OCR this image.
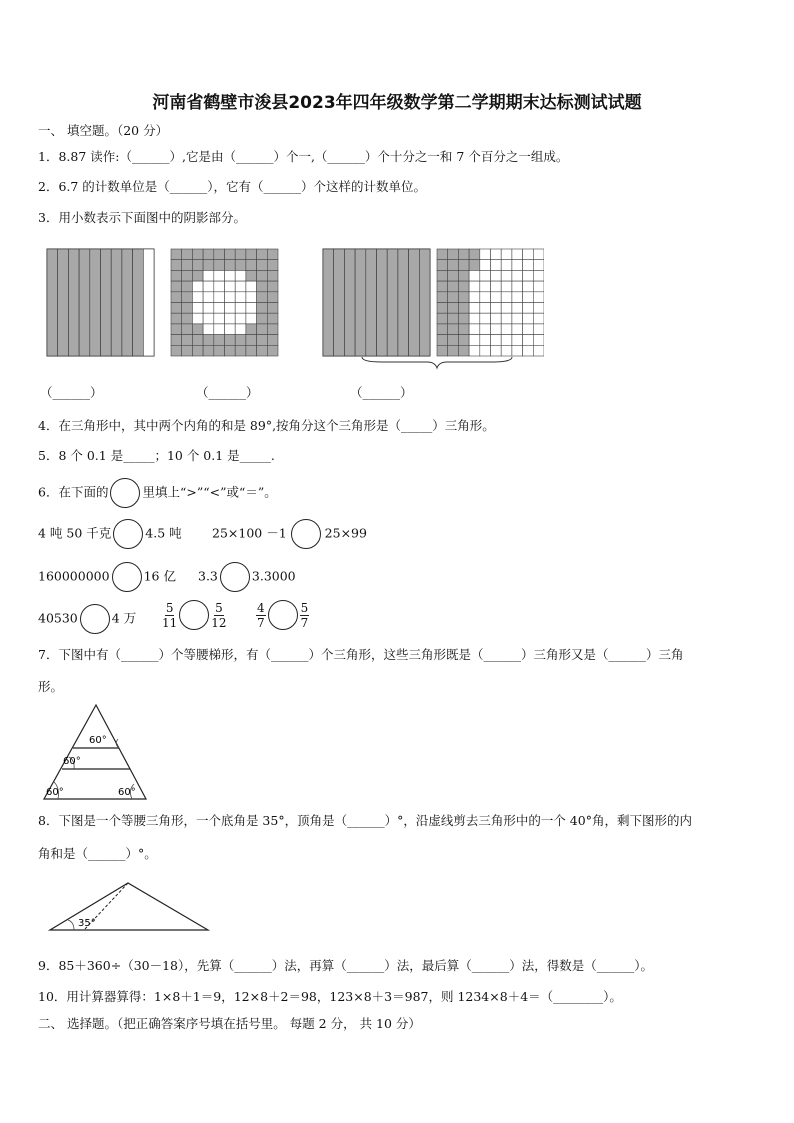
河南省鹤壁市浚县2023年四年级数学第二学期期末达标测试试题
一、 填空题。（20 分）
1．8.87 读作:（______）,它是由（______）个一,（______）个十分之一和 7 个百分之一组成。
2．6.7 的计数单位是（______），它有（______）个这样的计数单位。
3．用小数表示下面图中的阴影部分。
（______）	（______）	（______）
4．在三角形中，其中两个内角的和是 89°,按角分这个三角形是（_____）三角形。
5．8 个 0.1 是_____；10 个 0.1 是_____.
6．在下面的	里填上“>”“<”或“＝”。
4 吨 50 千克	4.5 吨 25×100 －1	25×99
160000000	16 亿 3.3	3.3000
40530	4 万 $\frac{5}{11}$	$\frac{5}{12} \frac{4}{7}$	$\frac{5}{7}$
7．下图中有（______）个等腰梯形，有（______）个三角形，这些三角形既是（______）三角形又是（______）三角
形。
60°
60°
60°	60°
8．下图是一个等腰三角形，一个底角是 35°，顶角是（______）°，沿虚线剪去三角形中的一个 40°角，剩下图形的内
角和是（______）°。
35°
9．85＋360÷（30－18），先算（______）法，再算（______）法，最后算（______）法，得数是（______）。
10．用计算器算得：1×8＋1＝9，12×8＋2＝98，123×8＋3＝987，则 1234×8＋4＝（________）。
二、 选择题。（把正确答案序号填在括号里。 每题 2 分， 共 10 分）
